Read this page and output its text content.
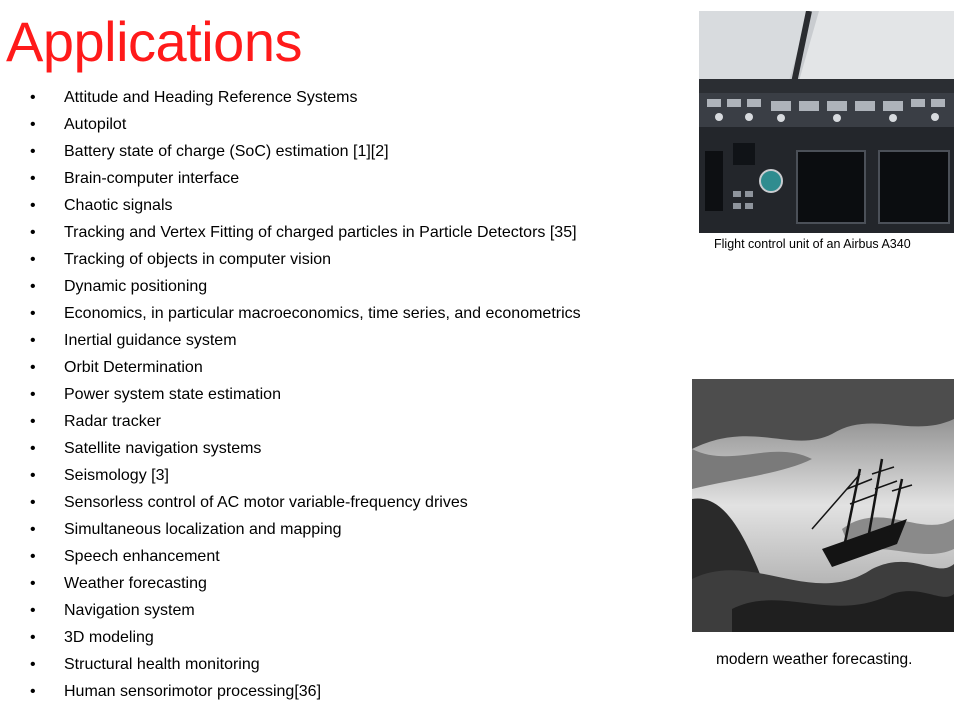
Applications
• Attitude and Heading Reference Systems
• Autopilot
• Battery state of charge (SoC) estimation [1][2]
• Brain-computer interface
• Chaotic signals
• Tracking and Vertex Fitting of charged particles in Particle Detectors [35]
• Tracking of objects in computer vision
• Dynamic positioning
• Economics, in particular macroeconomics, time series, and econometrics
• Inertial guidance system
• Orbit Determination
• Power system state estimation
• Radar tracker
• Satellite navigation systems
• Seismology [3]
• Sensorless control of AC motor variable-frequency drives
• Simultaneous localization and mapping
• Speech enhancement
• Weather forecasting
• Navigation system
• 3D modeling
• Structural health monitoring
• Human sensorimotor processing[36]
Flight control unit of an Airbus A340
modern weather forecasting.
